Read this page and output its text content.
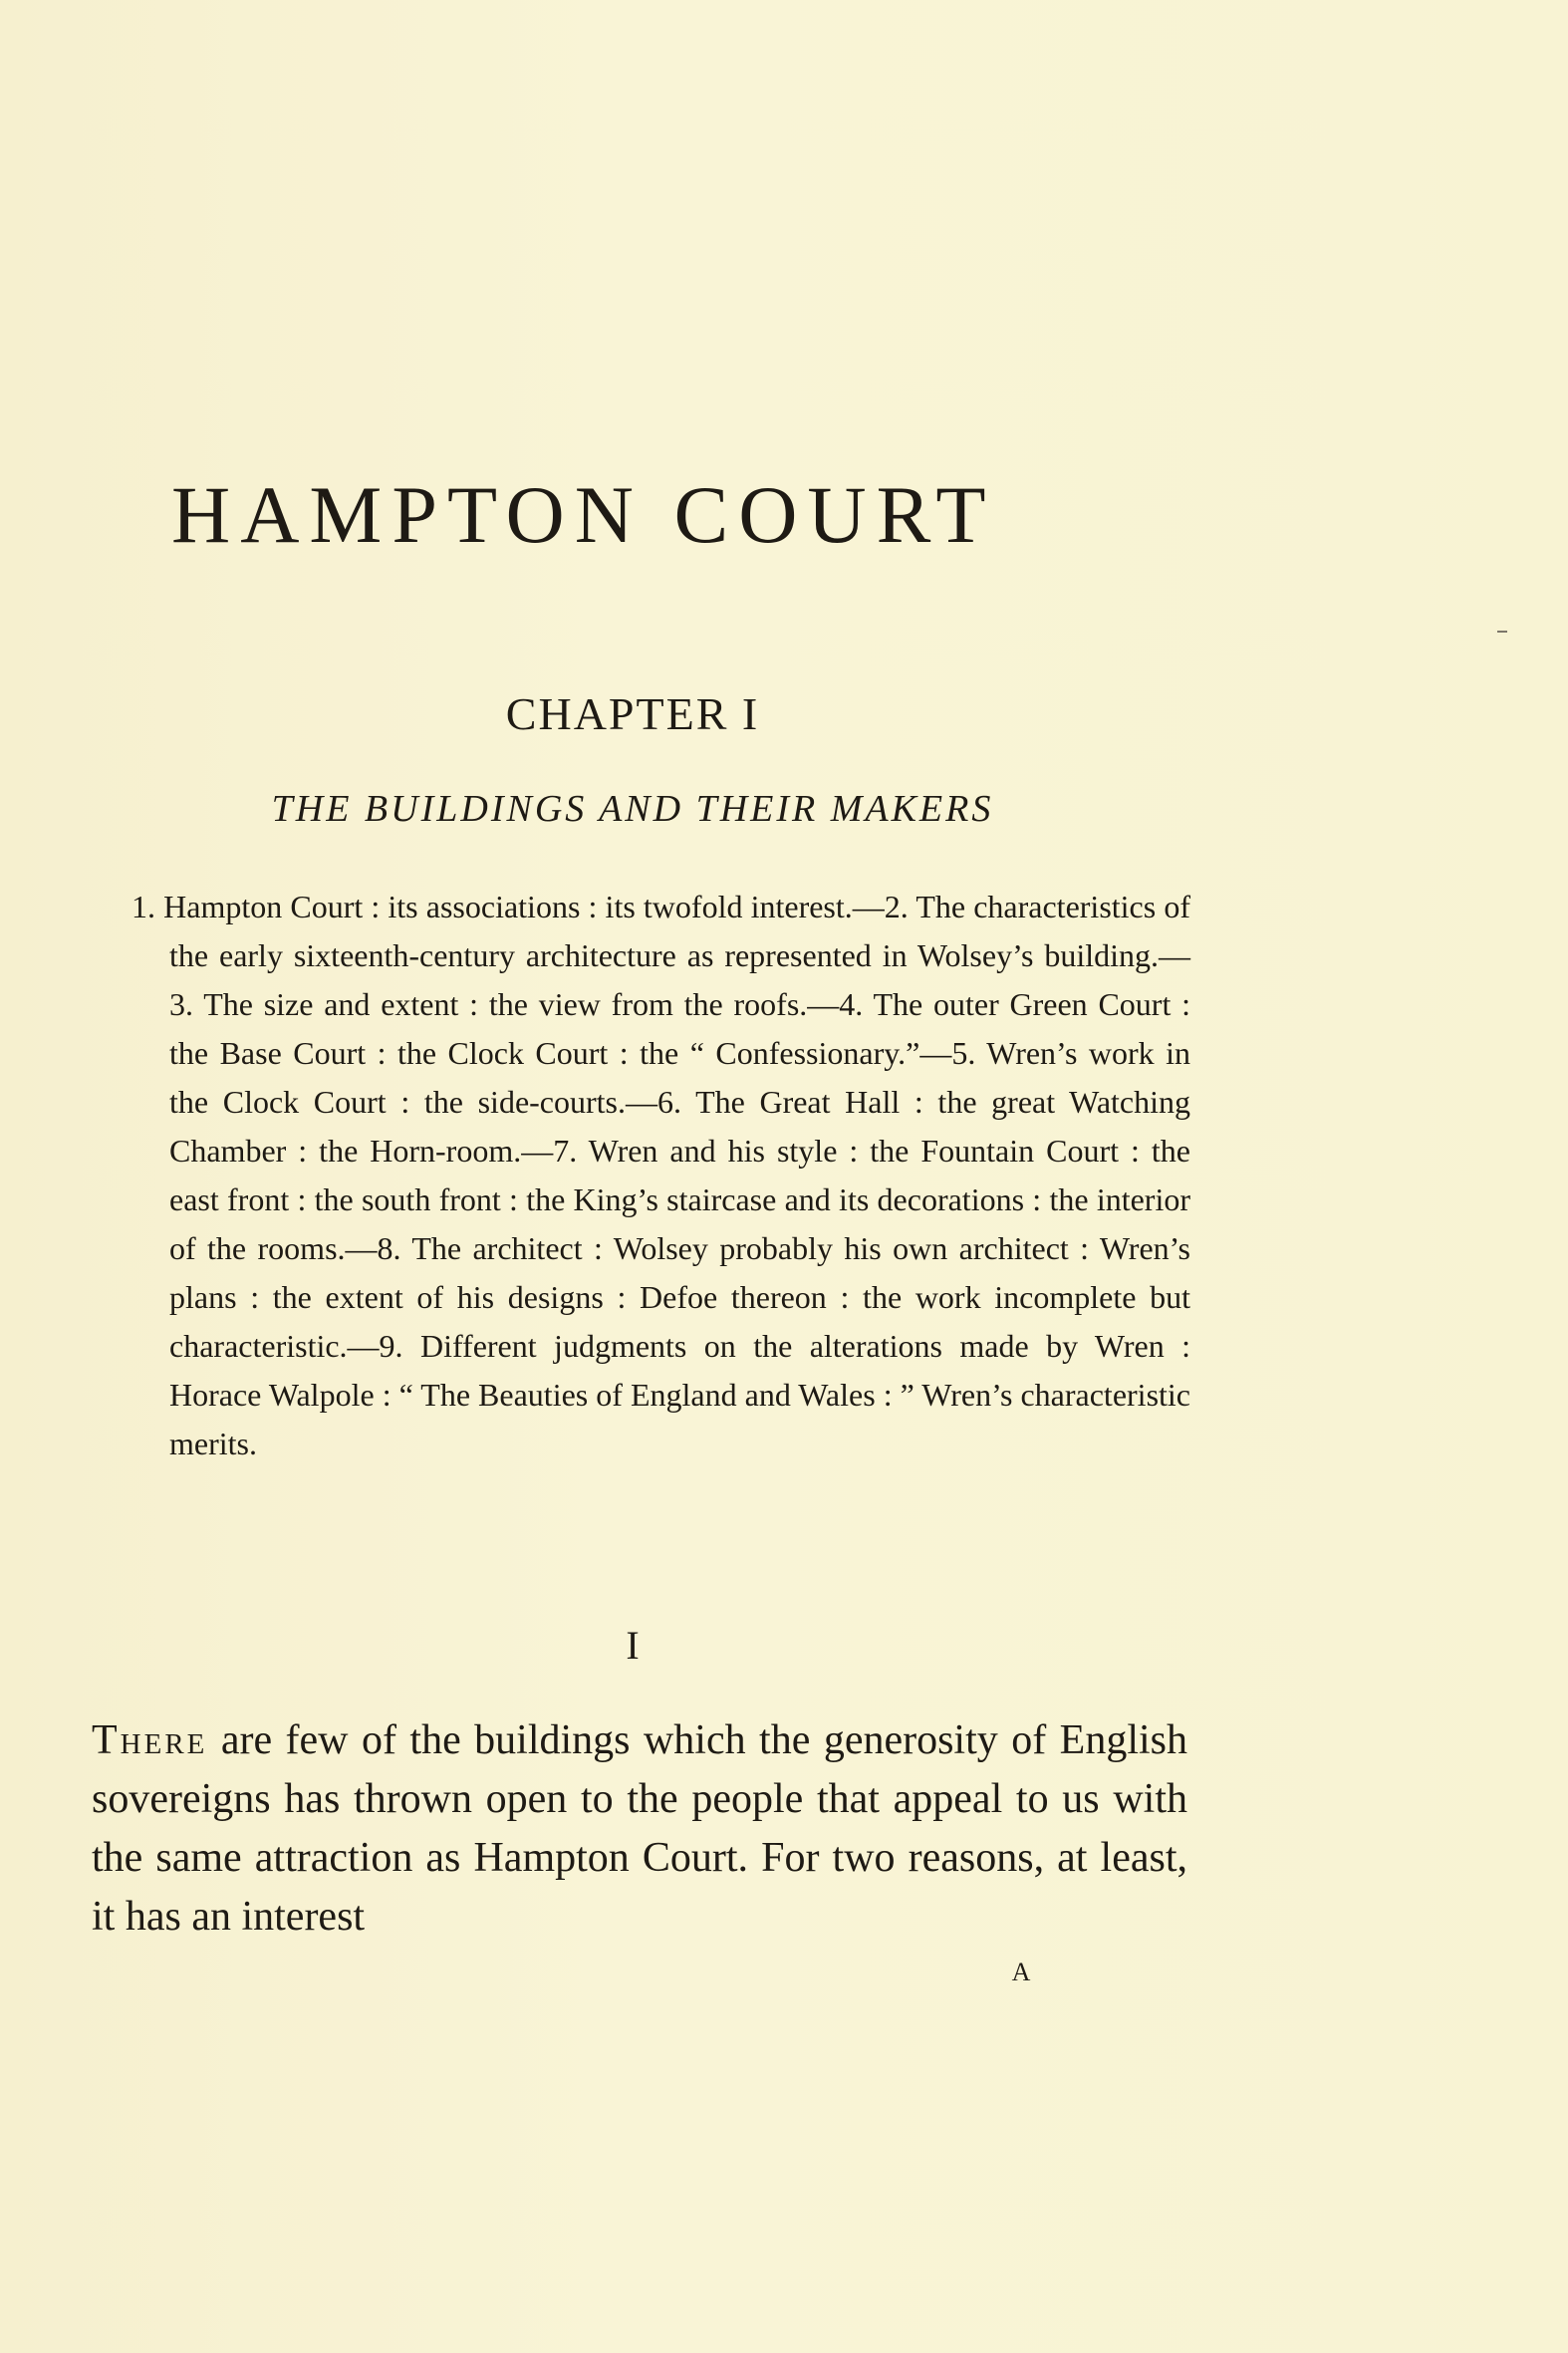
HAMPTON COURT
CHAPTER I
THE BUILDINGS AND THEIR MAKERS

1. Hampton Court : its associations : its twofold interest.—2. The characteristics of the early sixteenth-century architecture as represented in Wolsey’s building.—3. The size and extent : the view from the roofs.—4. The outer Green Court : the Base Court : the Clock Court : the “ Confessionary.”—5. Wren’s work in the Clock Court : the side-courts.—6. The Great Hall : the great Watching Chamber : the Horn-room.—7. Wren and his style : the Fountain Court : the east front : the south front : the King’s staircase and its decorations : the interior of the rooms.—8. The architect : Wolsey probably his own architect : Wren’s plans : the extent of his designs : Defoe thereon : the work incomplete but characteristic.—9. Different judgments on the alterations made by Wren : Horace Walpole : “ The Beauties of England and Wales : ” Wren’s characteristic merits.

I

There are few of the buildings which the generosity of English sovereigns has thrown open to the people that appeal to us with the same attraction as Hampton Court. For two reasons, at least, it has an interest

A
